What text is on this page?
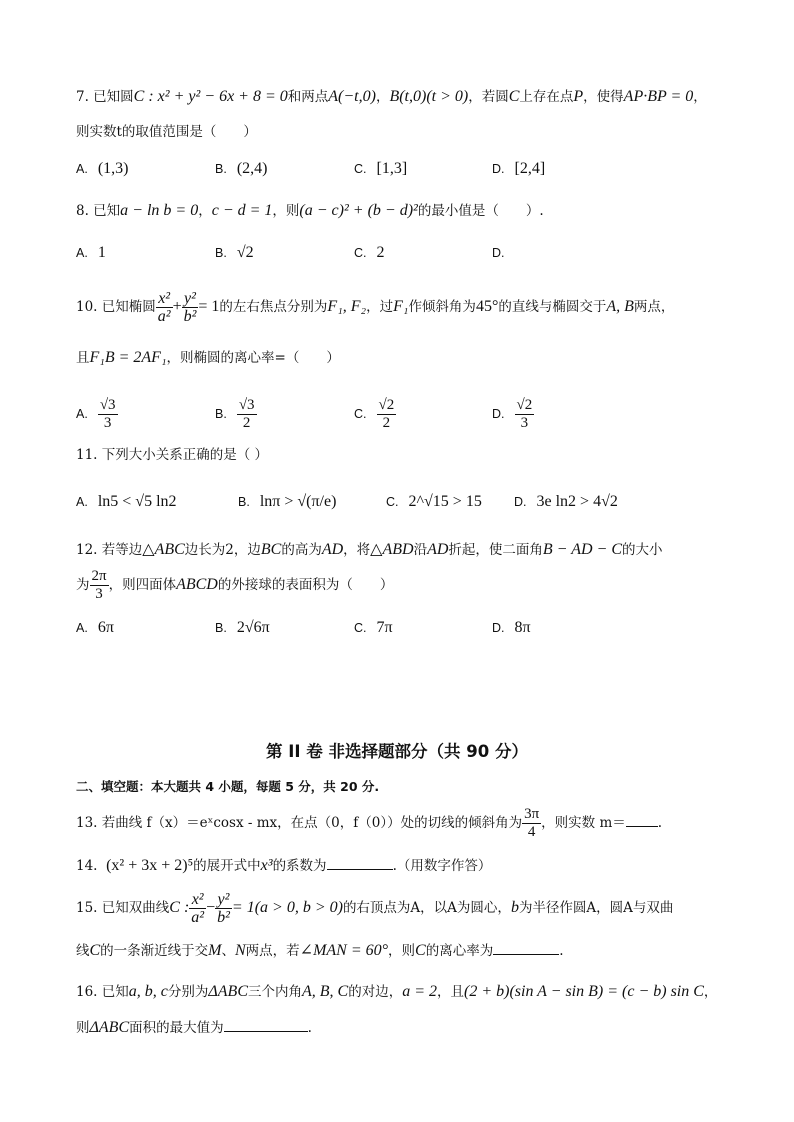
7. 已知圆C : x² + y² − 6x + 8 = 0和两点A(−t,0)，B(t,0)(t > 0)，若圆C上存在点P，使得AP·BP = 0，
则实数t的取值范围是（　　）
A. (1,3)	B. (2,4)	C. [1,3]	D. [2,4]
8. 已知a − ln b = 0，c − d = 1，则(a − c)² + (b − d)²的最小值是（　　）.
A. 1	B. √2	C. 2	D.
10. 已知椭圆 $\frac{\text{x²}}{\text{a²}} + \frac{\text{y²}}{\text{b²}} = 1$的左右焦点分别为F₁, F₂，过F₁作倾斜角为45°的直线与椭圆交于A, B两点，
且F₁B = 2AF₁，则椭圆的离心率=（　　）
A. $\frac{√3}{3}$	B. $\frac{√3}{2}$	C. $\frac{√2}{2}$	D. $\frac{√2}{3}$
11. 下列大小关系正确的是（ ）
A. ln5 < √5 ln2	B. lnπ > √(π/e)	C. 2^√15 > 15	D. 3e ln2 > 4√2
12. 若等边△ABC边长为2，边BC的高为AD，将△ABD沿AD折起，使二面角B − AD − C的大小
为 $\frac{2\pi}{3}$ ，则四面体ABCD的外接球的表面积为（　　）
A. 6π	B. 2√6π	C. 7π	D. 8π
第 II 卷 非选择题部分（共 90 分）
二、填空题：本大题共 4 小题，每题 5 分，共 20 分.
13. 若曲线 f（x）＝eˣcosx - mx，在点（0，f（0））处的切线的倾斜角为 $\frac{3\pi}{4}$ ，则实数 m＝ .
14. (x² + 3x + 2)⁵的展开式中x³的系数为	.（用数字作答）
15. 已知双曲线C : $\frac{\text{x²}}{\text{a²}} - \frac{\text{y²}}{\text{b²}} = 1(a > 0$, b > 0)的右顶点为A，以A为圆心，b为半径作圆A，圆A与双曲
线C的一条渐近线于交M、N两点，若∠MAN = 60°，则C的离心率为	.
16. 已知a, b, c分别为ΔABC三个内角A, B, C的对边，a = 2，且(2 + b)(sin A − sin B) = (c − b) sin C，
则ΔABC面积的最大值为	.
